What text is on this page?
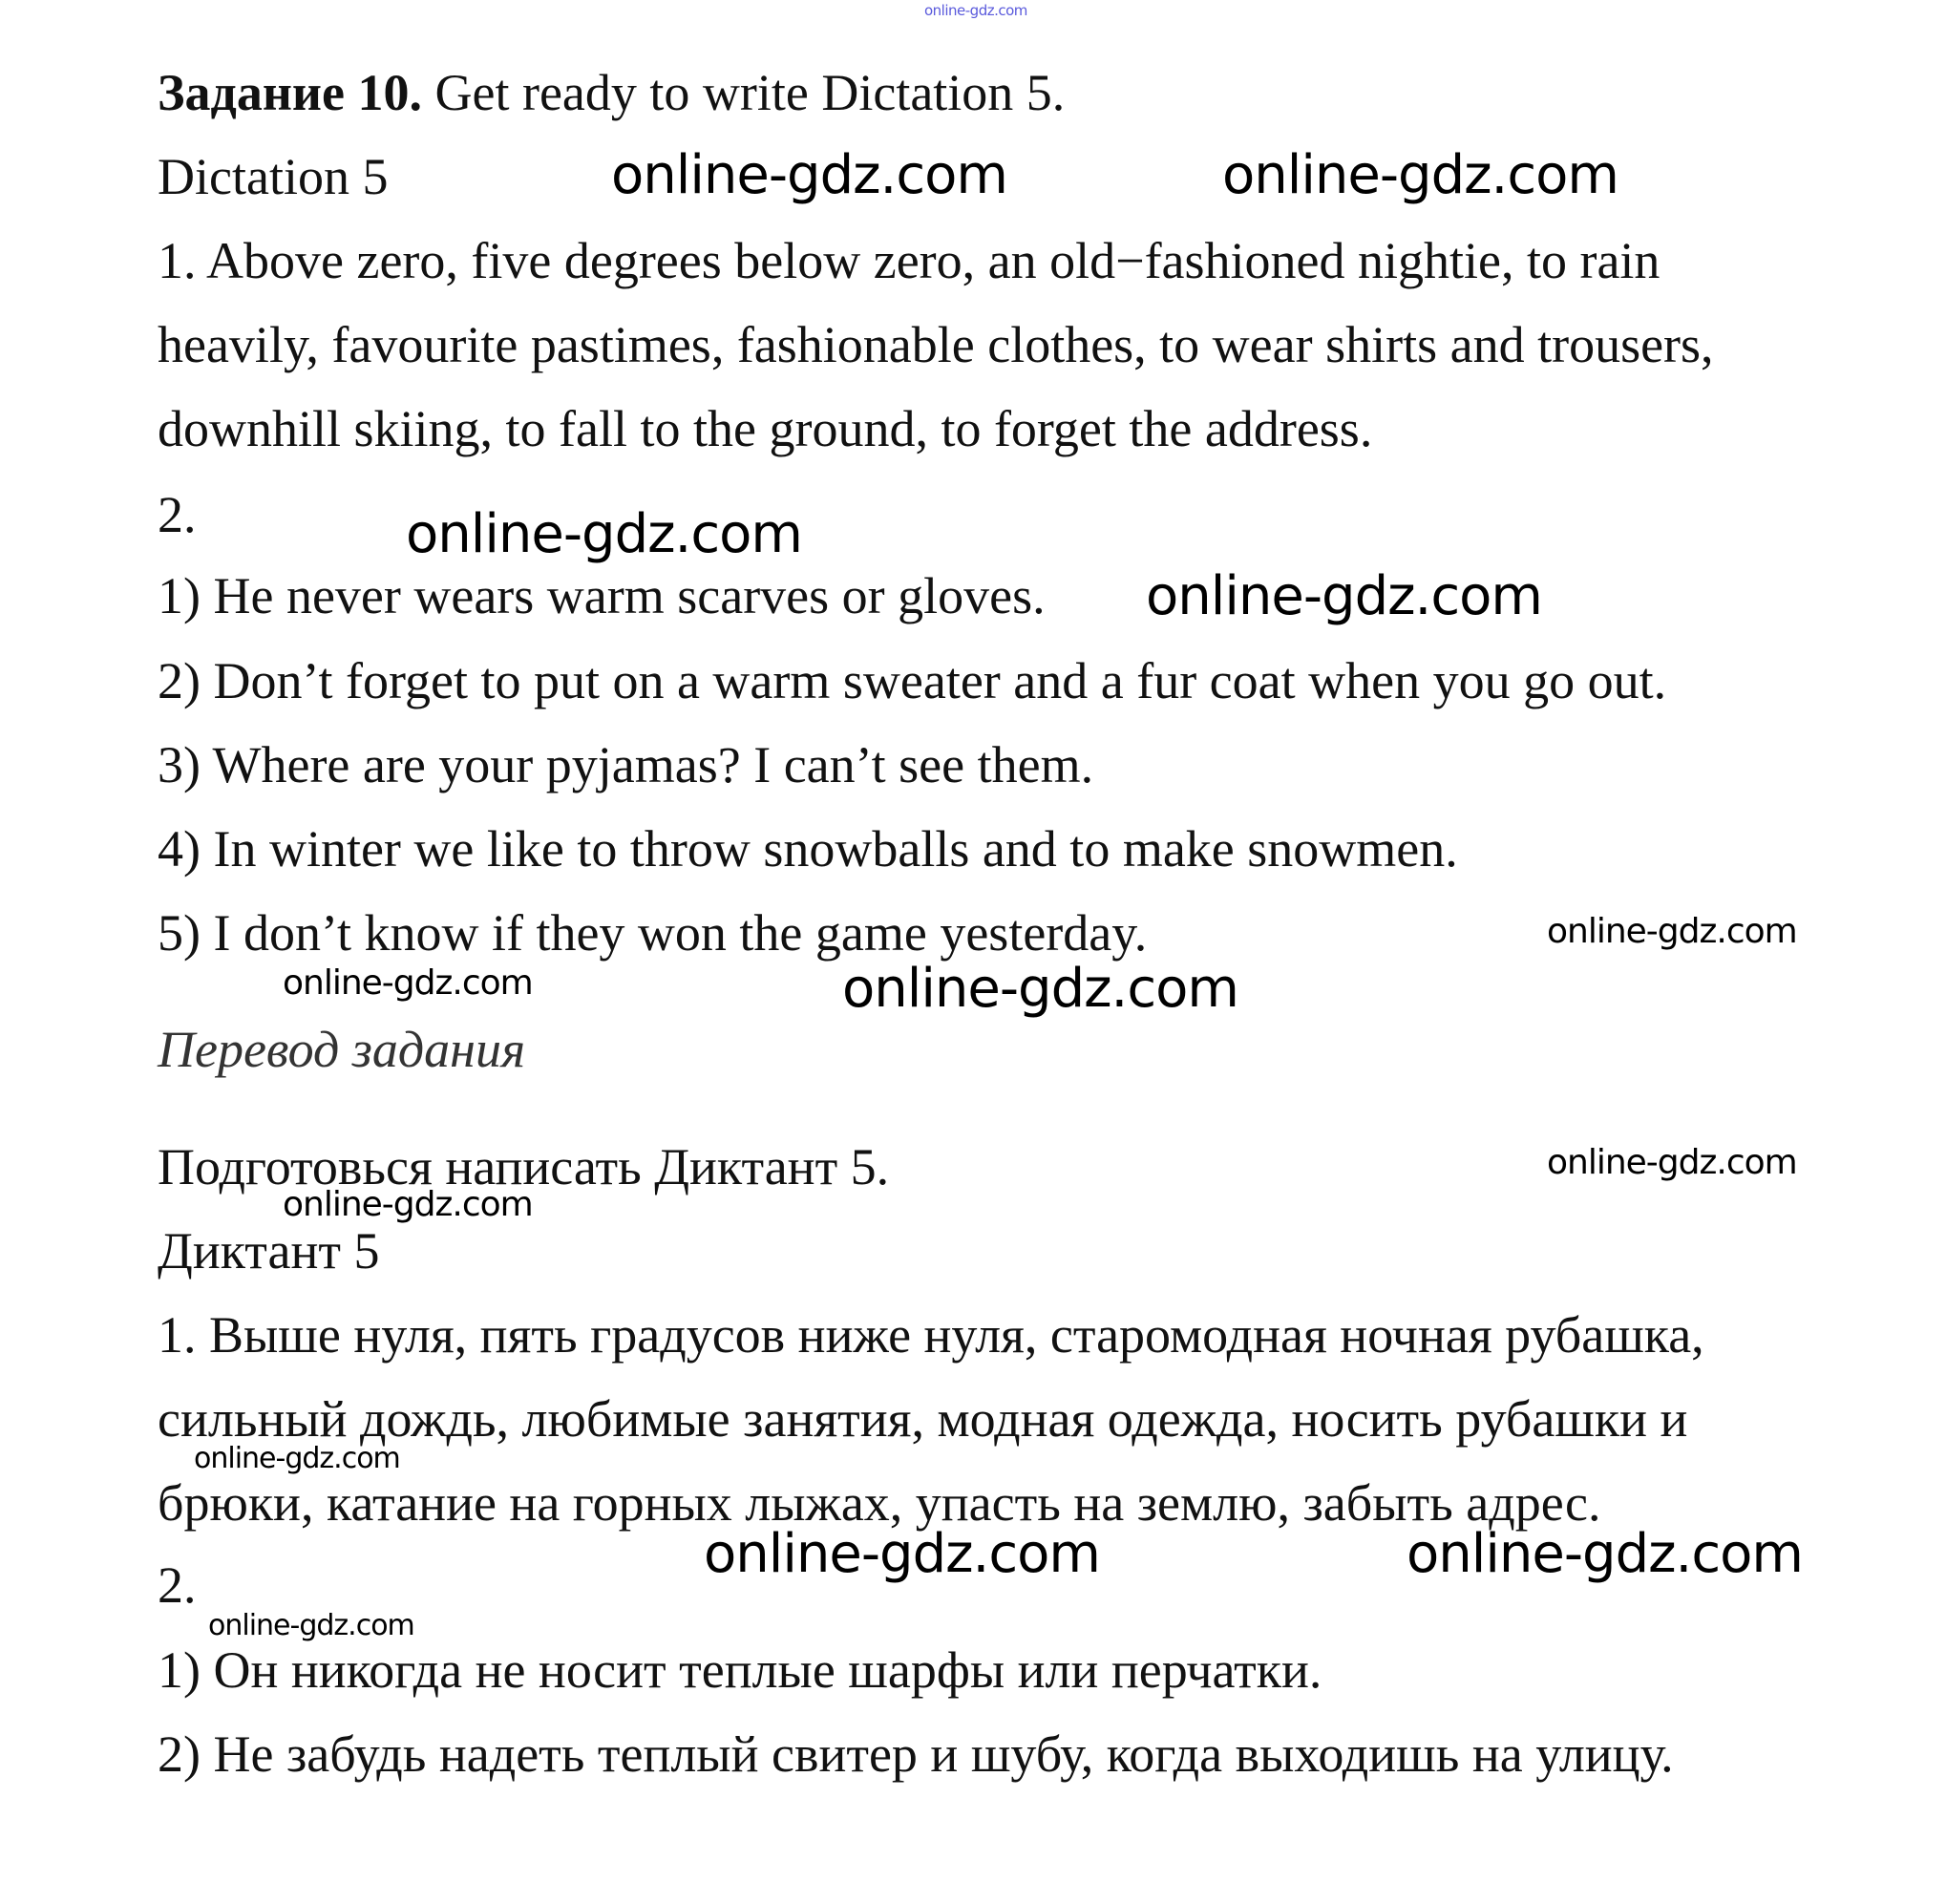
online-gdz.com
Задание 10. Get ready to write Dictation 5.
Dictation 5
1. Above zero, five degrees below zero, an old−fashioned nightie, to rain
heavily, favourite pastimes, fashionable clothes, to wear shirts and trousers,
downhill skiing, to fall to the ground, to forget the address.
2.
1) He never wears warm scarves or gloves.
2) Don’t forget to put on a warm sweater and a fur coat when you go out.
3) Where are your pyjamas? I can’t see them.
4) In winter we like to throw snowballs and to make snowmen.
5) I don’t know if they won the game yesterday.
Перевод задания
Подготовься написать Диктант 5.
Диктант 5
1. Выше нуля, пять градусов ниже нуля, старомодная ночная рубашка,
сильный дождь, любимые занятия, модная одежда, носить рубашки и
брюки, катание на горных лыжах, упасть на землю, забыть адрес.
2.
1) Он никогда не носит теплые шарфы или перчатки.
2) Не забудь надеть теплый свитер и шубу, когда выходишь на улицу.
online-gdz.com
online-gdz.com
online-gdz.com
online-gdz.com
online-gdz.com
online-gdz.com	online-gdz.com
online-gdz.com
online-gdz.com
online-gdz.com
online-gdz.com	online-gdz.com
online-gdz.com
